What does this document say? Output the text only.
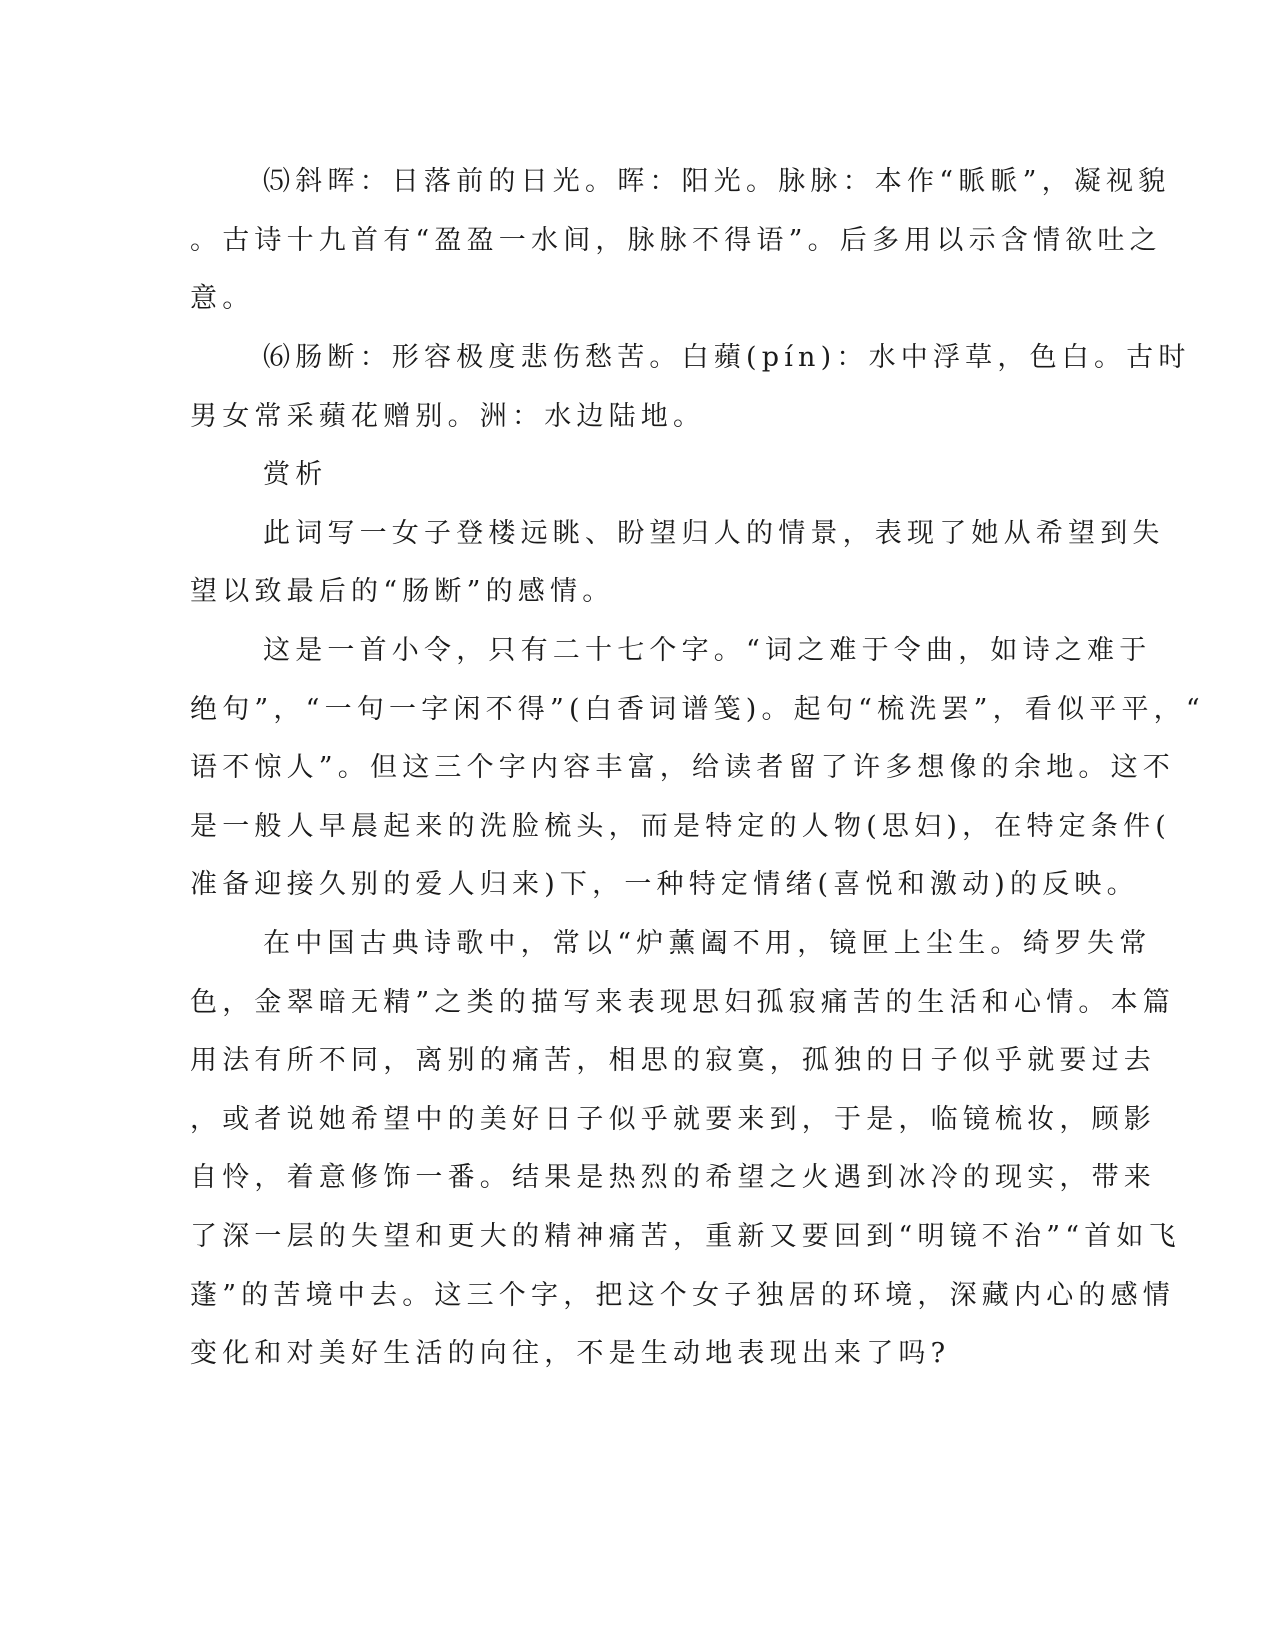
⑸斜晖：日落前的日光。晖：阳光。脉脉：本作“眽眽”，凝视貌
。古诗十九首有“盈盈一水间，脉脉不得语”。后多用以示含情欲吐之
意。
⑹肠断：形容极度悲伤愁苦。白蘋(pín)：水中浮草，色白。古时
男女常采蘋花赠别。洲：水边陆地。
赏析
此词写一女子登楼远眺、盼望归人的情景，表现了她从希望到失
望以致最后的“肠断”的感情。
这是一首小令，只有二十七个字。“词之难于令曲，如诗之难于
绝句”，“一句一字闲不得”(白香词谱笺)。起句“梳洗罢”，看似平平，“
语不惊人”。但这三个字内容丰富，给读者留了许多想像的余地。这不
是一般人早晨起来的洗脸梳头，而是特定的人物(思妇)，在特定条件(
准备迎接久别的爱人归来)下，一种特定情绪(喜悦和激动)的反映。
在中国古典诗歌中，常以“炉薰阖不用，镜匣上尘生。绮罗失常
色，金翠暗无精”之类的描写来表现思妇孤寂痛苦的生活和心情。本篇
用法有所不同，离别的痛苦，相思的寂寞，孤独的日子似乎就要过去
，或者说她希望中的美好日子似乎就要来到，于是，临镜梳妆，顾影
自怜，着意修饰一番。结果是热烈的希望之火遇到冰冷的现实，带来
了深一层的失望和更大的精神痛苦，重新又要回到“明镜不治”“首如飞
蓬”的苦境中去。这三个字，把这个女子独居的环境，深藏内心的感情
变化和对美好生活的向往，不是生动地表现出来了吗?
